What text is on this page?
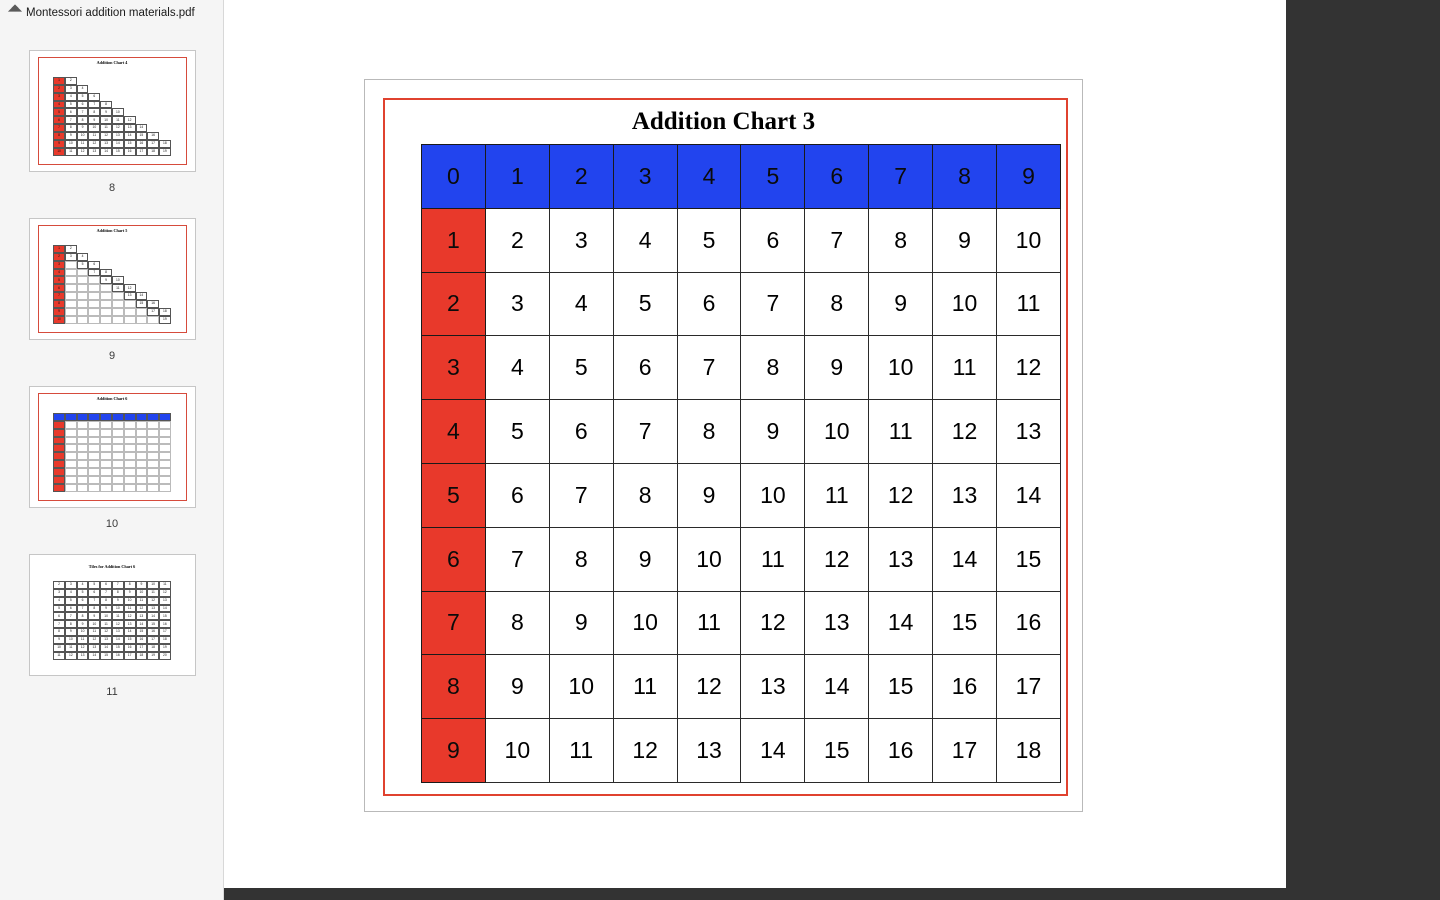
Montessori addition materials.pdf
Addition Chart 4
1	2
2	3	4
3	4	5	6
4	5	6	7	8
5	6	7	8	9	10
6	7	8	9	10	11	12
7	8	9	10	11	12	13	14
8	9	10	11	12	13	14	15	16
9	10	11	12	13	14	15	16	17	18
10	11	12	13	14	15	16	17	18	19
8
Addition Chart 5
1	2
2	3	4
3	5	6
4	7	8
5	9	10
6	11	12
7	13	14
8	15	16
9	17	18
10	19
9
Addition Chart 6
10
Tiles for Addition Chart 6
2	3	4	5	6	7	8	9	10	11
3	4	5	6	7	8	9	10	11	12
4	5	6	7	8	9	10	11	12	13
5	6	7	8	9	10	11	12	13	14
6	7	8	9	10	11	12	13	14	15
7	8	9	10	11	12	13	14	15	16
8	9	10	11	12	13	14	15	16	17
9	10	11	12	13	14	15	16	17	18
10	11	12	13	14	15	16	17	18	19
11	12	13	14	15	16	17	18	19	20
11
Addition Chart 3
0	1	2	3	4	5	6	7	8	9
1	2	3	4	5	6	7	8	9	10
2	3	4	5	6	7	8	9	10	11
3	4	5	6	7	8	9	10	11	12
4	5	6	7	8	9	10	11	12	13
5	6	7	8	9	10	11	12	13	14
6	7	8	9	10	11	12	13	14	15
7	8	9	10	11	12	13	14	15	16
8	9	10	11	12	13	14	15	16	17
9	10	11	12	13	14	15	16	17	18
